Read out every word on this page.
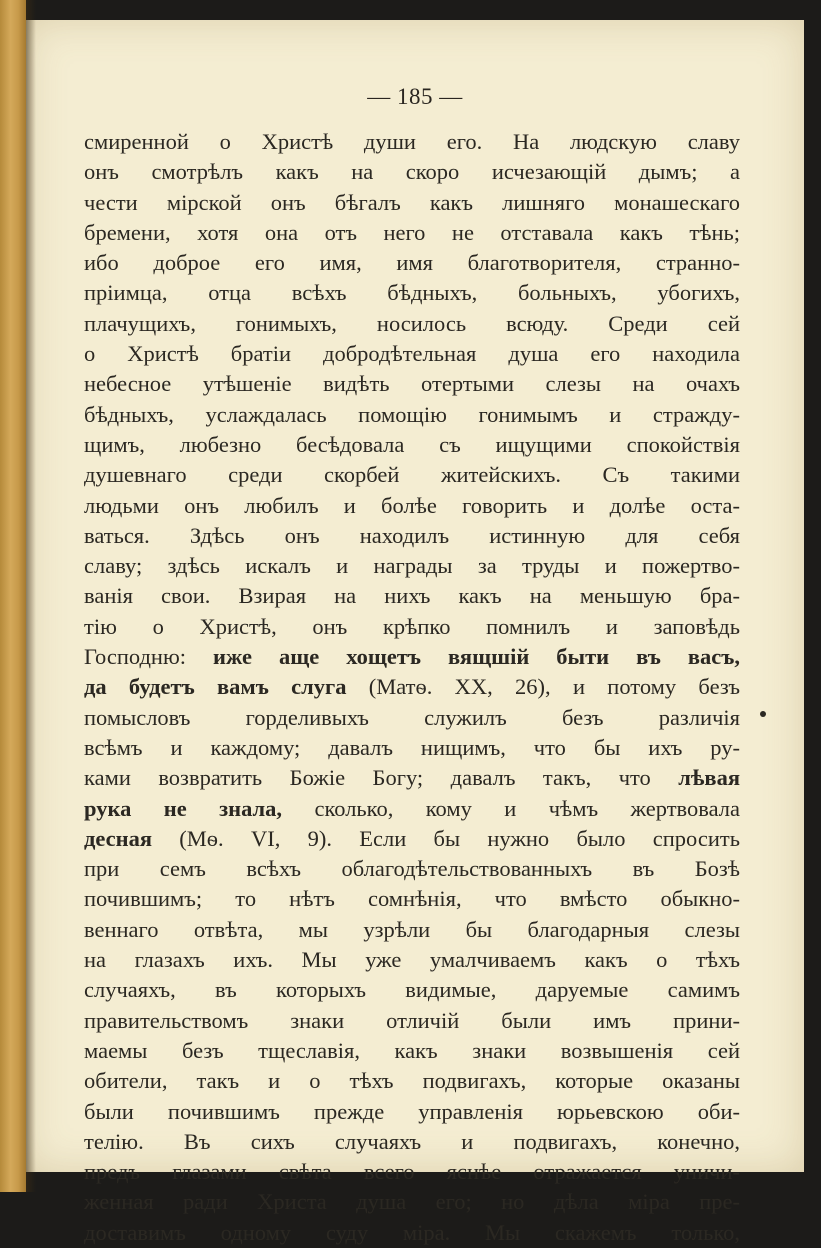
— 185 —
смиренной о Христѣ души его. На людскую славу
онъ смотрѣлъ какъ на скоро исчезающій дымъ; а
чести мірской онъ бѣгалъ какъ лишняго монашескаго
бремени, хотя она отъ него не отставала какъ тѣнь;
ибо доброе его имя, имя благотворителя, странно-
пріимца, отца всѣхъ бѣдныхъ, больныхъ, убогихъ,
плачущихъ, гонимыхъ, носилось всюду. Среди сей
о Христѣ братіи добродѣтельная душа его находила
небесное утѣшеніе видѣть отертыми слезы на очахъ
бѣдныхъ, услаждалась помощію гонимымъ и стражду-
щимъ, любезно бесѣдовала съ ищущими спокойствія
душевнаго среди скорбей житейскихъ. Съ такими
людьми онъ любилъ и болѣе говорить и долѣе оста-
ваться. Здѣсь онъ находилъ истинную для себя
славу; здѣсь искалъ и награды за труды и пожертво-
ванія свои. Взирая на нихъ какъ на меньшую бра-
тію о Христѣ, онъ крѣпко помнилъ и заповѣдь
Господню: иже аще хощетъ вящшій быти въ васъ,
да будетъ вамъ слуга (Матѳ. XX, 26), и потому безъ
помысловъ горделивыхъ служилъ безъ различія
всѣмъ и каждому; давалъ нищимъ, что бы ихъ ру-
ками возвратить Божіе Богу; давалъ такъ, что лѣвая
рука не знала, сколько, кому и чѣмъ жертвовала
десная (Мѳ. VI, 9). Если бы нужно было спросить
при семъ всѣхъ облагодѣтельствованныхъ въ Бозѣ
почившимъ; то нѣтъ сомнѣнія, что вмѣсто обыкно-
веннаго отвѣта, мы узрѣли бы благодарныя слезы
на глазахъ ихъ. Мы уже умалчиваемъ какъ о тѣхъ
случаяхъ, въ которыхъ видимые, даруемые самимъ
правительствомъ знаки отличій были имъ прини-
маемы безъ тщеславія, какъ знаки возвышенія сей
обители, такъ и о тѣхъ подвигахъ, которые оказаны
были почившимъ прежде управленія юрьевскою оби-
телію. Въ сихъ случаяхъ и подвигахъ, конечно,
предъ глазами свѣта всего яснѣе отражается уничи-
женная ради Христа душа его; но дѣла міра пре-
доставимъ одному суду міра. Мы скажемъ только,
